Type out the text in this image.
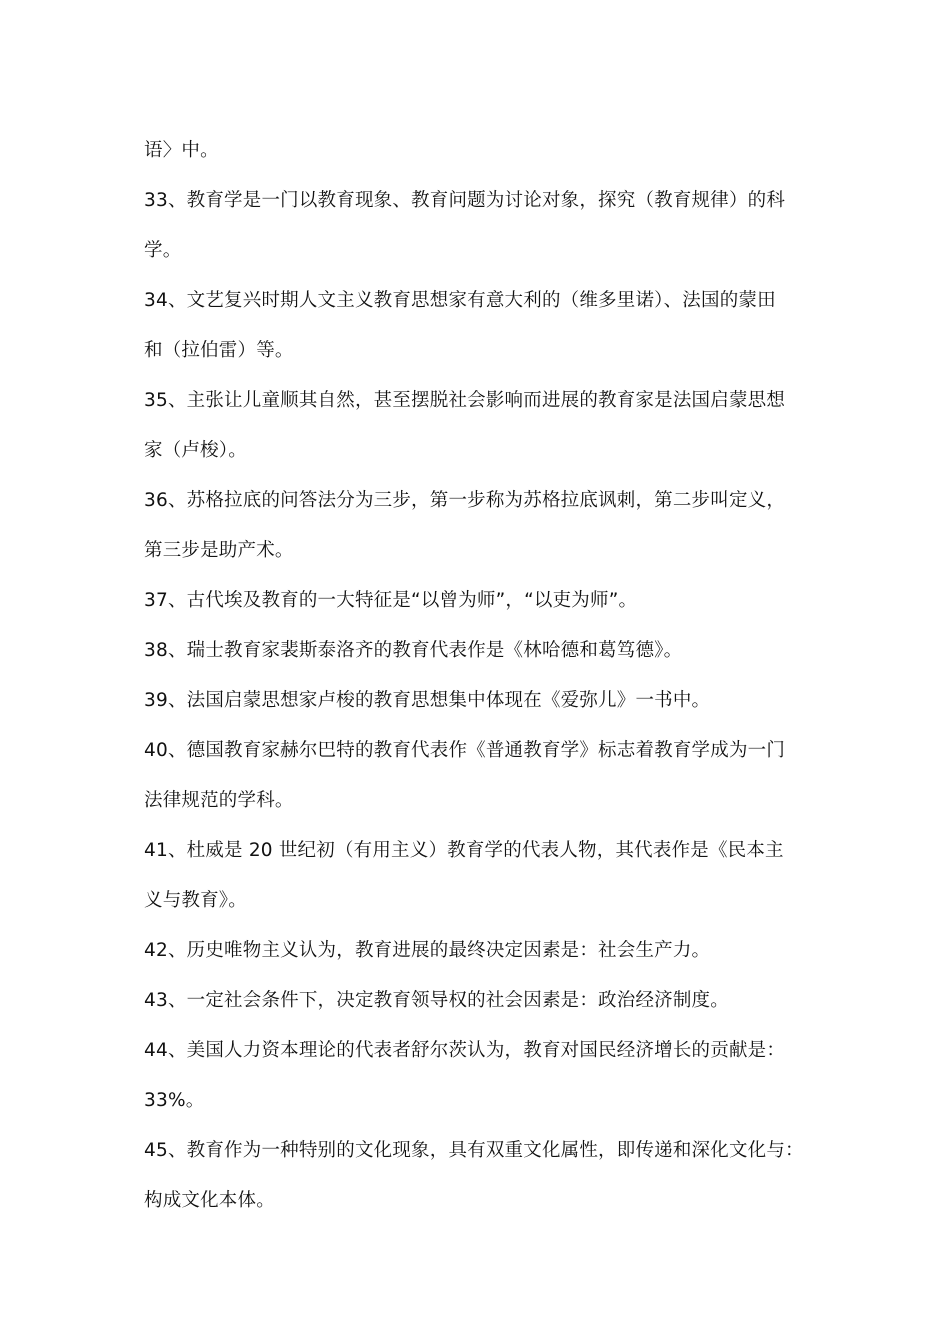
语〉中。
33、教育学是一门以教育现象、教育问题为讨论对象，探究（教育规律）的科
学。
34、文艺复兴时期人文主义教育思想家有意大利的（维多里诺）、法国的蒙田
和（拉伯雷）等。
35、主张让儿童顺其自然，甚至摆脱社会影响而进展的教育家是法国启蒙思想
家（卢梭）。
36、苏格拉底的问答法分为三步，第一步称为苏格拉底讽刺，第二步叫定义，
第三步是助产术。
37、古代埃及教育的一大特征是“以曾为师”，“以吏为师”。
38、瑞士教育家裴斯泰洛齐的教育代表作是《林哈德和葛笃德》。
39、法国启蒙思想家卢梭的教育思想集中体现在《爱弥儿》一书中。
40、德国教育家赫尔巴特的教育代表作《普通教育学》标志着教育学成为一门
法律规范的学科。
41、杜威是 20 世纪初（有用主义）教育学的代表人物，其代表作是《民本主
义与教育》。
42、历史唯物主义认为，教育进展的最终决定因素是：社会生产力。
43、一定社会条件下，决定教育领导权的社会因素是：政治经济制度。
44、美国人力资本理论的代表者舒尔茨认为，教育对国民经济增长的贡献是：
33%。
45、教育作为一种特别的文化现象，具有双重文化属性，即传递和深化文化与：
构成文化本体。
